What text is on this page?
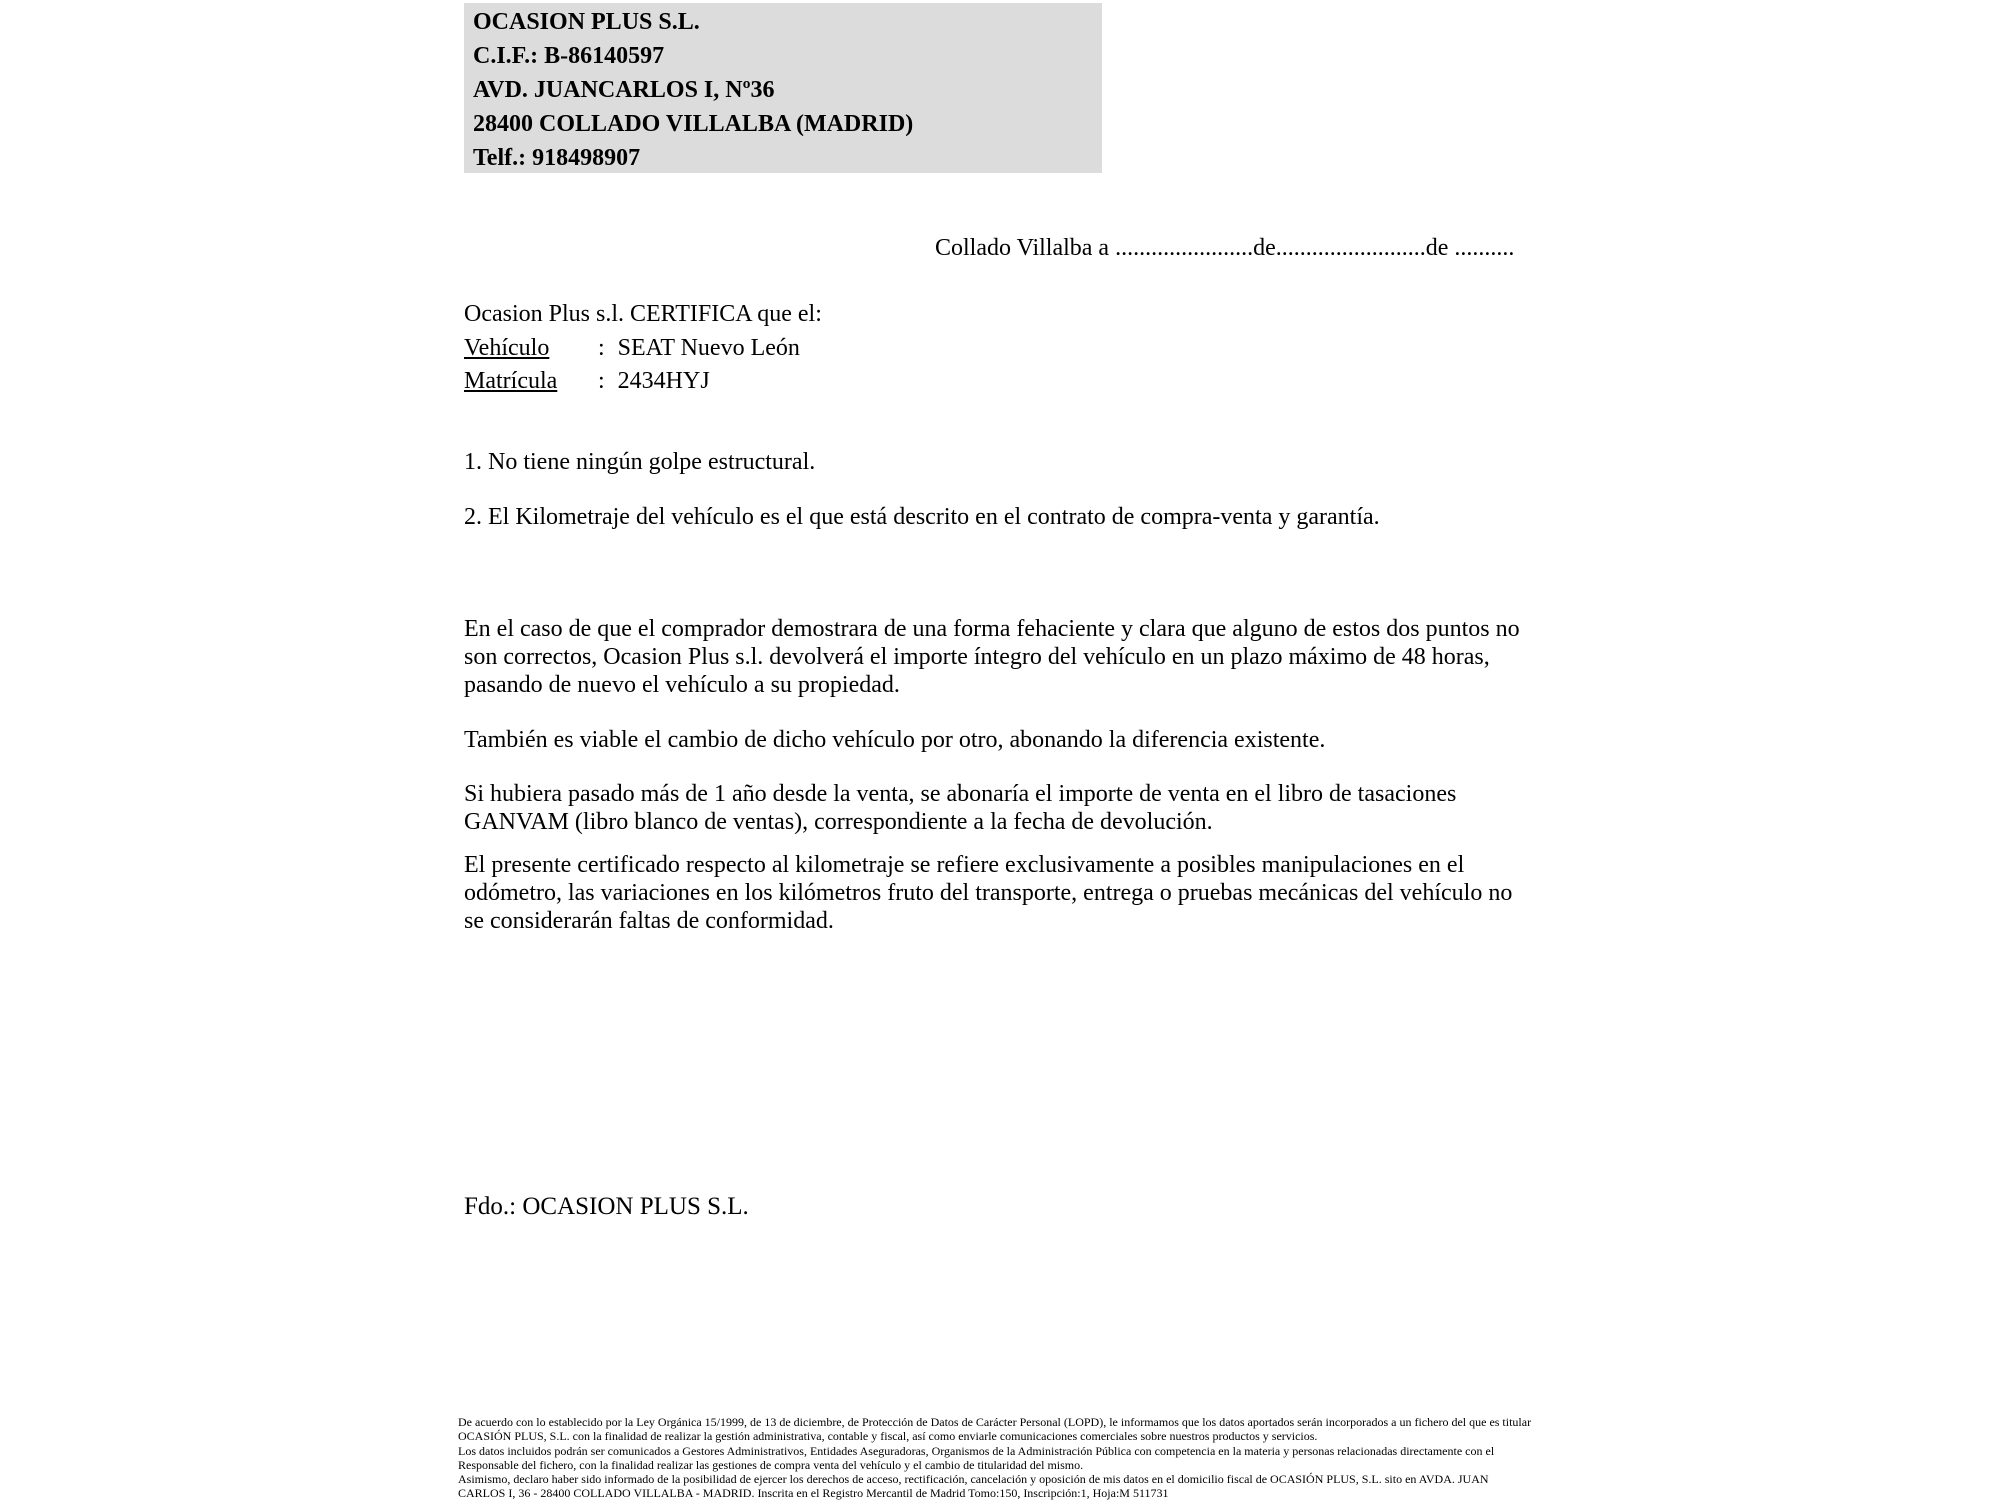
OCASION PLUS S.L.
C.I.F.: B-86140597
AVD. JUANCARLOS I, Nº36
28400 COLLADO VILLALBA (MADRID)
Telf.: 918498907
Collado Villalba a .......................de.........................de ..........
Ocasion Plus s.l. CERTIFICA que el:
Vehículo : SEAT Nuevo León
Matrícula : 2434HYJ
1. No tiene ningún golpe estructural.
2. El Kilometraje del vehículo es el que está descrito en el contrato de compra-venta y garantía.
En el caso de que el comprador demostrara de una forma fehaciente y clara que alguno de estos dos puntos no
son correctos, Ocasion Plus s.l. devolverá el importe íntegro del vehículo en un plazo máximo de 48 horas,
pasando de nuevo el vehículo a su propiedad.
También es viable el cambio de dicho vehículo por otro, abonando la diferencia existente.
Si hubiera pasado más de 1 año desde la venta, se abonaría el importe de venta en el libro de tasaciones
GANVAM (libro blanco de ventas), correspondiente a la fecha de devolución.
El presente certificado respecto al kilometraje se refiere exclusivamente a posibles manipulaciones en el
odómetro, las variaciones en los kilómetros fruto del transporte, entrega o pruebas mecánicas del vehículo no
se considerarán faltas de conformidad.
Fdo.: OCASION PLUS S.L.
De acuerdo con lo establecido por la Ley Orgánica 15/1999, de 13 de diciembre, de Protección de Datos de Carácter Personal (LOPD), le informamos que los datos aportados serán incorporados a un fichero del que es titular
OCASIÓN PLUS, S.L. con la finalidad de realizar la gestión administrativa, contable y fiscal, así como enviarle comunicaciones comerciales sobre nuestros productos y servicios.
Los datos incluidos podrán ser comunicados a Gestores Administrativos, Entidades Aseguradoras, Organismos de la Administración Pública con competencia en la materia y personas relacionadas directamente con el
Responsable del fichero, con la finalidad realizar las gestiones de compra venta del vehículo y el cambio de titularidad del mismo.
Asimismo, declaro haber sido informado de la posibilidad de ejercer los derechos de acceso, rectificación, cancelación y oposición de mis datos en el domicilio fiscal de OCASIÓN PLUS, S.L. sito en AVDA. JUAN
CARLOS I, 36 - 28400 COLLADO VILLALBA - MADRID. Inscrita en el Registro Mercantil de Madrid Tomo:150, Inscripción:1, Hoja:M 511731
